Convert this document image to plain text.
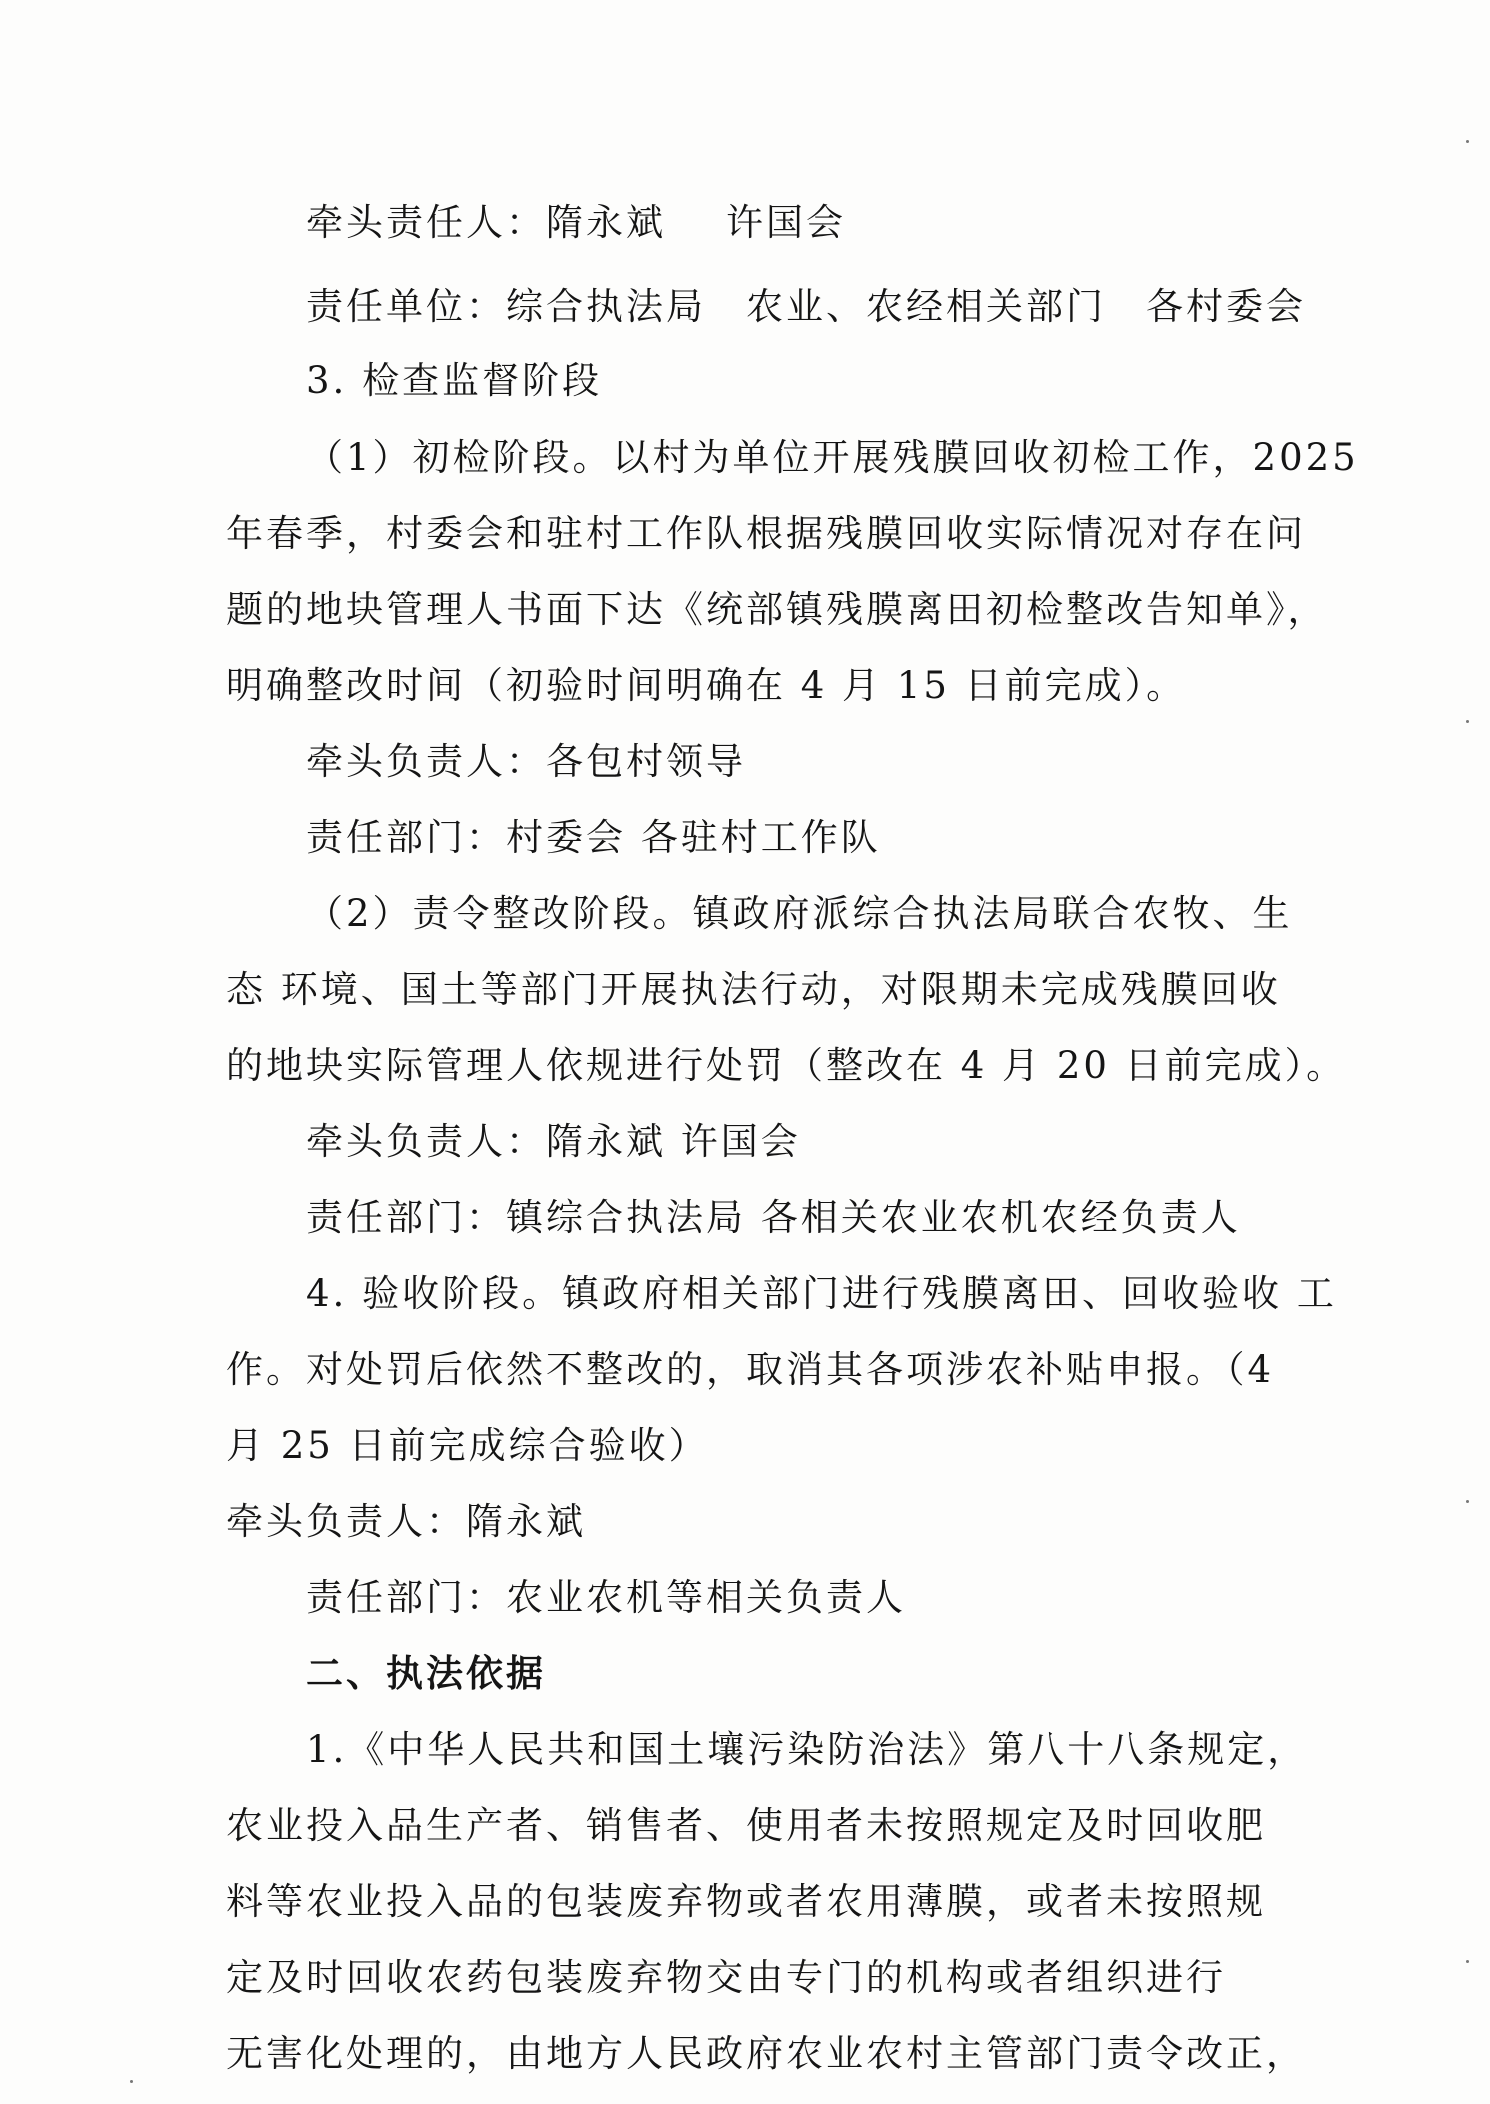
牵头责任人：隋永斌 许国会
责任单位：综合执法局 农业、农经相关部门 各村委会
3. 检查监督阶段
（1）初检阶段。以村为单位开展残膜回收初检工作，2025
年春季，村委会和驻村工作队根据残膜回收实际情况对存在问
题的地块管理人书面下达《统部镇残膜离田初检整改告知单》，
明确整改时间（初验时间明确在 4 月 15 日前完成）。
牵头负责人：各包村领导
责任部门：村委会 各驻村工作队
（2）责令整改阶段。镇政府派综合执法局联合农牧、生
态 环境、国土等部门开展执法行动，对限期未完成残膜回收
的地块实际管理人依规进行处罚（整改在 4 月 20 日前完成）。
牵头负责人：隋永斌 许国会
责任部门：镇综合执法局 各相关农业农机农经负责人
4. 验收阶段。镇政府相关部门进行残膜离田、回收验收 工
作。对处罚后依然不整改的，取消其各项涉农补贴申报。（4
月 25 日前完成综合验收）
牵头负责人：隋永斌
责任部门：农业农机等相关负责人
二、执法依据
1.《中华人民共和国土壤污染防治法》第八十八条规定，
农业投入品生产者、销售者、使用者未按照规定及时回收肥
料等农业投入品的包装废弃物或者农用薄膜，或者未按照规
定及时回收农药包装废弃物交由专门的机构或者组织进行
无害化处理的，由地方人民政府农业农村主管部门责令改正，
